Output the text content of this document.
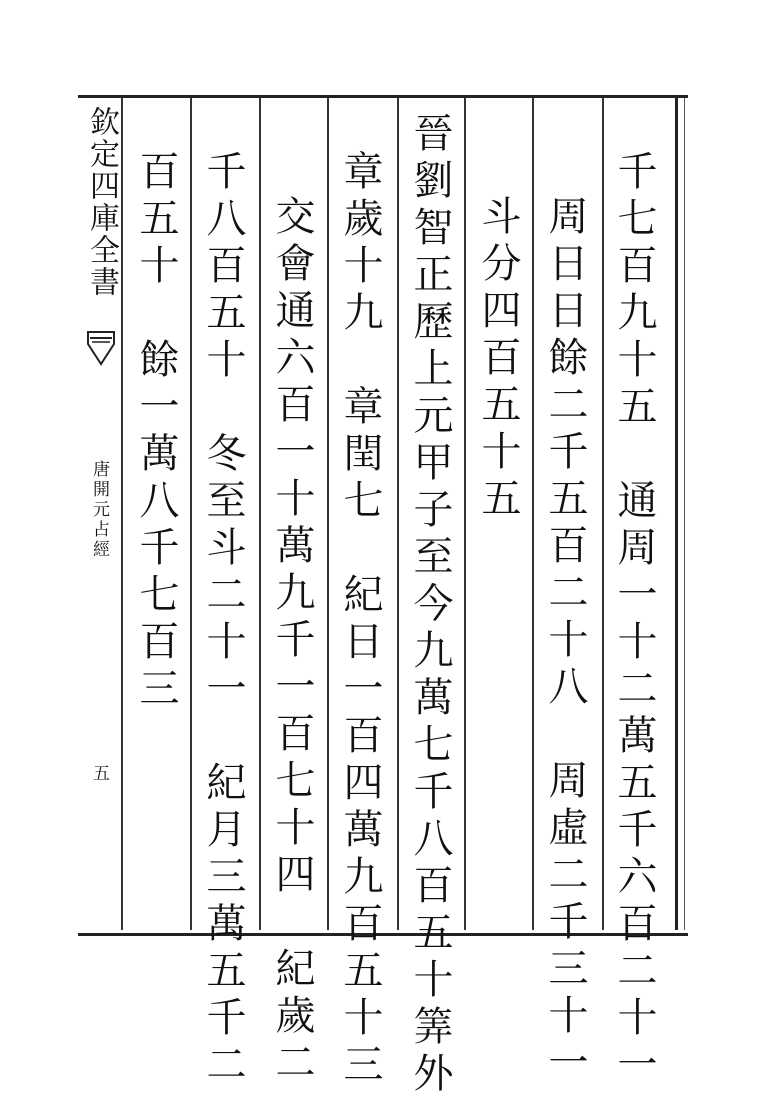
欽定四庫全書
唐開元占經
五	千七百九十五　通周一十二萬五千六百二十一
周日日餘二千五百二十八　周虛二千三十一
斗分四百五十五
晉劉智正歷上元甲子至今九萬七千八百五十筭外
章歲十九　章閏七　紀日一百四萬九百五十三
交會通六百一十萬九千一百七十四　紀歲二
千八百五十　冬至斗二十一　紀月三萬五千二
百五十　餘一萬八千七百三
